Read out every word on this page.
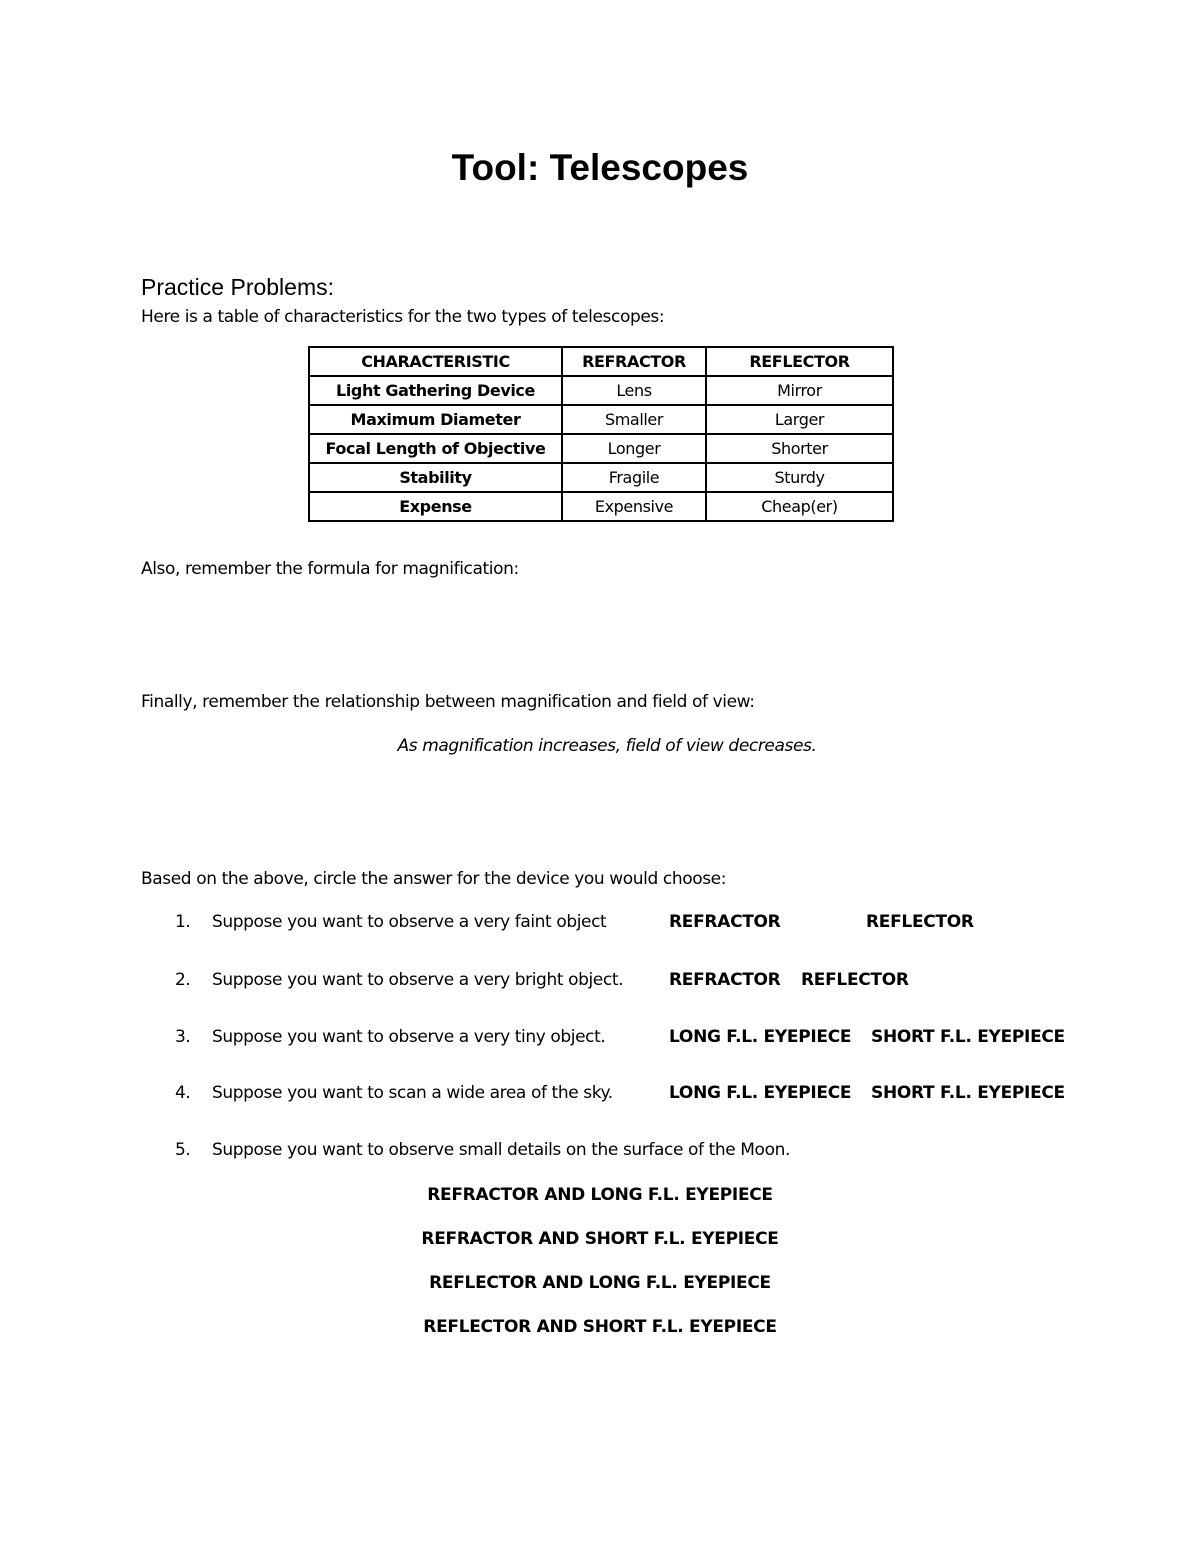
Tool: Telescopes
Practice Problems:

Here is a table of characteristics for the two types of telescopes:

CHARACTERISTIC	REFRACTOR	REFLECTOR
Light Gathering Device	Lens	Mirror
Maximum Diameter	Smaller	Larger
Focal Length of Objective	Longer	Shorter
Stability	Fragile	Sturdy
Expense	Expensive	Cheap(er)

Also, remember the formula for magnification:

Finally, remember the relationship between magnification and field of view:

As magnification increases, field of view decreases.

Based on the above, circle the answer for the device you would choose:

1. Suppose you want to observe a very faint object	REFRACTOR	REFLECTOR
2. Suppose you want to observe a very bright object.	REFRACTOR REFLECTOR
3. Suppose you want to observe a very tiny object.	LONG F.L. EYEPIECE SHORT F.L. EYEPIECE
4. Suppose you want to scan a wide area of the sky.	LONG F.L. EYEPIECE SHORT F.L. EYEPIECE
5. Suppose you want to observe small details on the surface of the Moon.
REFRACTOR AND LONG F.L. EYEPIECE
REFRACTOR AND SHORT F.L. EYEPIECE
REFLECTOR AND LONG F.L. EYEPIECE
REFLECTOR AND SHORT F.L. EYEPIECE
